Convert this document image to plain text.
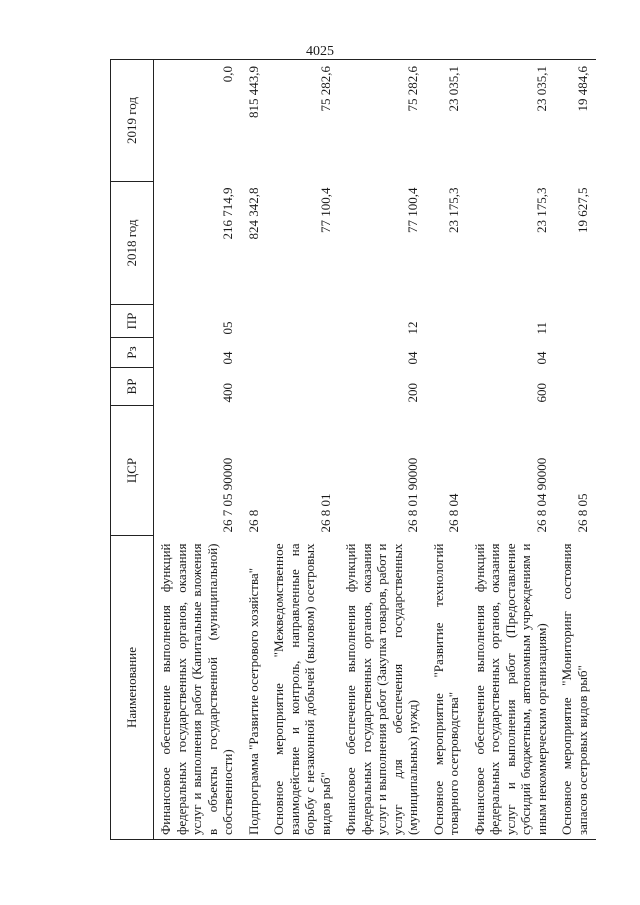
4025
Наименование	ЦСР	ВР	Рз	ПР	2018 год	2019 год
Финансовое обеспечение выполнения функций федеральных государственных органов, оказания услуг и выполнения работ (Капитальные вложения в объекты государственной (муниципальной) собственности)	26 7 05 90000	400	04	05	216 714,9	0,0
Подпрограмма "Развитие осетрового хозяйства"	26 8				824 342,8	815 443,9
Основное мероприятие "Межведомственное взаимодействие и контроль, направленные на борьбу с незаконной добычей (выловом) осетровых видов рыб"	26 8 01				77 100,4	75 282,6
Финансовое обеспечение выполнения функций федеральных государственных органов, оказания услуг и выполнения работ (Закупка товаров, работ и услуг для обеспечения государственных (муниципальных) нужд)	26 8 01 90000	200	04	12	77 100,4	75 282,6
Основное мероприятие "Развитие технологий товарного осетроводства"	26 8 04				23 175,3	23 035,1
Финансовое обеспечение выполнения функций федеральных государственных органов, оказания услуг и выполнения работ (Предоставление субсидий бюджетным, автономным учреждениям и иным некоммерческим организациям)	26 8 04 90000	600	04	11	23 175,3	23 035,1
Основное мероприятие "Мониторинг состояния запасов осетровых видов рыб"	26 8 05				19 627,5	19 484,6
